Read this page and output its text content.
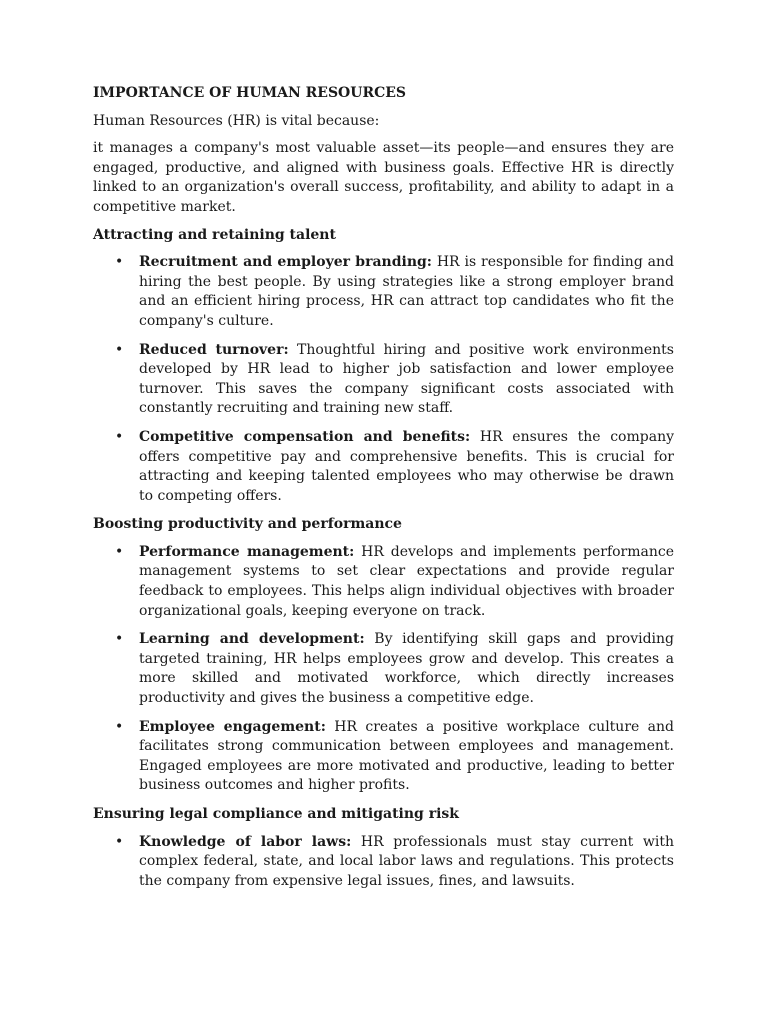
IMPORTANCE OF HUMAN RESOURCES

Human Resources (HR) is vital because:

it manages a company's most valuable asset—its people—and ensures they are engaged, productive, and aligned with business goals. Effective HR is directly linked to an organization's overall success, profitability, and ability to adapt in a competitive market.

Attracting and retaining talent

• Recruitment and employer branding: HR is responsible for finding and hiring the best people. By using strategies like a strong employer brand and an efficient hiring process, HR can attract top candidates who fit the company's culture.
• Reduced turnover: Thoughtful hiring and positive work environments developed by HR lead to higher job satisfaction and lower employee turnover. This saves the company significant costs associated with constantly recruiting and training new staff.
• Competitive compensation and benefits: HR ensures the company offers competitive pay and comprehensive benefits. This is crucial for attracting and keeping talented employees who may otherwise be drawn to competing offers.

Boosting productivity and performance

• Performance management: HR develops and implements performance management systems to set clear expectations and provide regular feedback to employees. This helps align individual objectives with broader organizational goals, keeping everyone on track.
• Learning and development: By identifying skill gaps and providing targeted training, HR helps employees grow and develop. This creates a more skilled and motivated workforce, which directly increases productivity and gives the business a competitive edge.
• Employee engagement: HR creates a positive workplace culture and facilitates strong communication between employees and management. Engaged employees are more motivated and productive, leading to better business outcomes and higher profits.

Ensuring legal compliance and mitigating risk

• Knowledge of labor laws: HR professionals must stay current with complex federal, state, and local labor laws and regulations. This protects the company from expensive legal issues, fines, and lawsuits.
